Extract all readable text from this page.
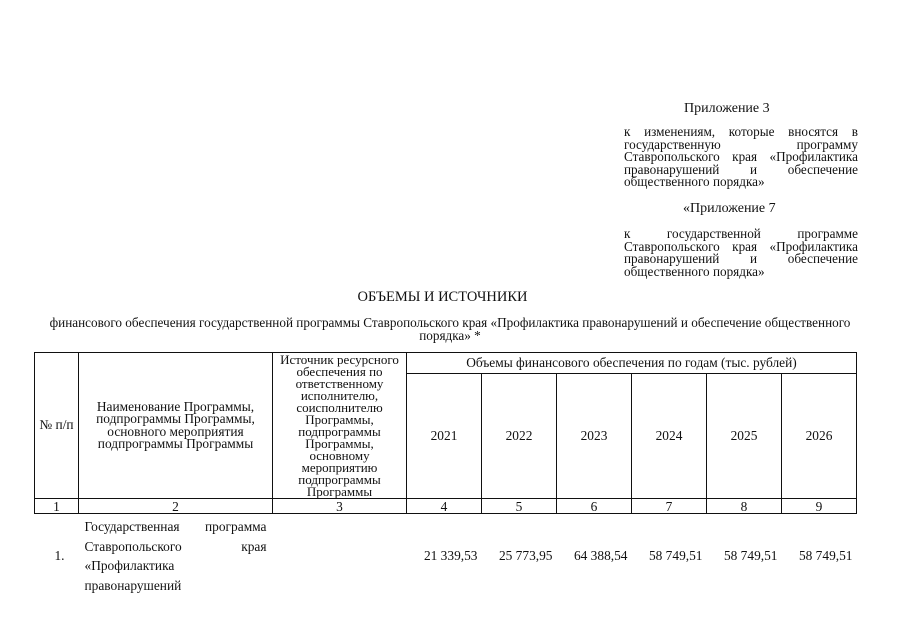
Приложение 3
к изменениям, которые вносятся в государственную программу Ставропольского края «Профилактика правонарушений и обеспечение общественного порядка»
«Приложение 7
к государственной программе Ставропольского края «Профилактика правонарушений и обеспечение общественного порядка»
ОБЪЕМЫ И ИСТОЧНИКИ
финансового обеспечения государственной программы Ставропольского края «Профилактика правонарушений и обеспечение общественного порядка» *
№ п/п	Наименование Программы, подпрограммы Программы, основного мероприятия подпрограммы Программы	Источник ресурсного обеспечения по ответственному исполнителю, соисполнителю Программы, подпрограммы Программы, основному мероприятию подпрограммы Программы	Объемы финансового обеспечения по годам (тыс. рублей)					
			2021	2022	2023	2024	2025	2026
1	2	3	4	5	6	7	8	9
1.	Государственная программа Ставропольского края «Профилактика правонарушений		21 339,53	25 773,95	64 388,54	58 749,51	58 749,51	58 749,51
